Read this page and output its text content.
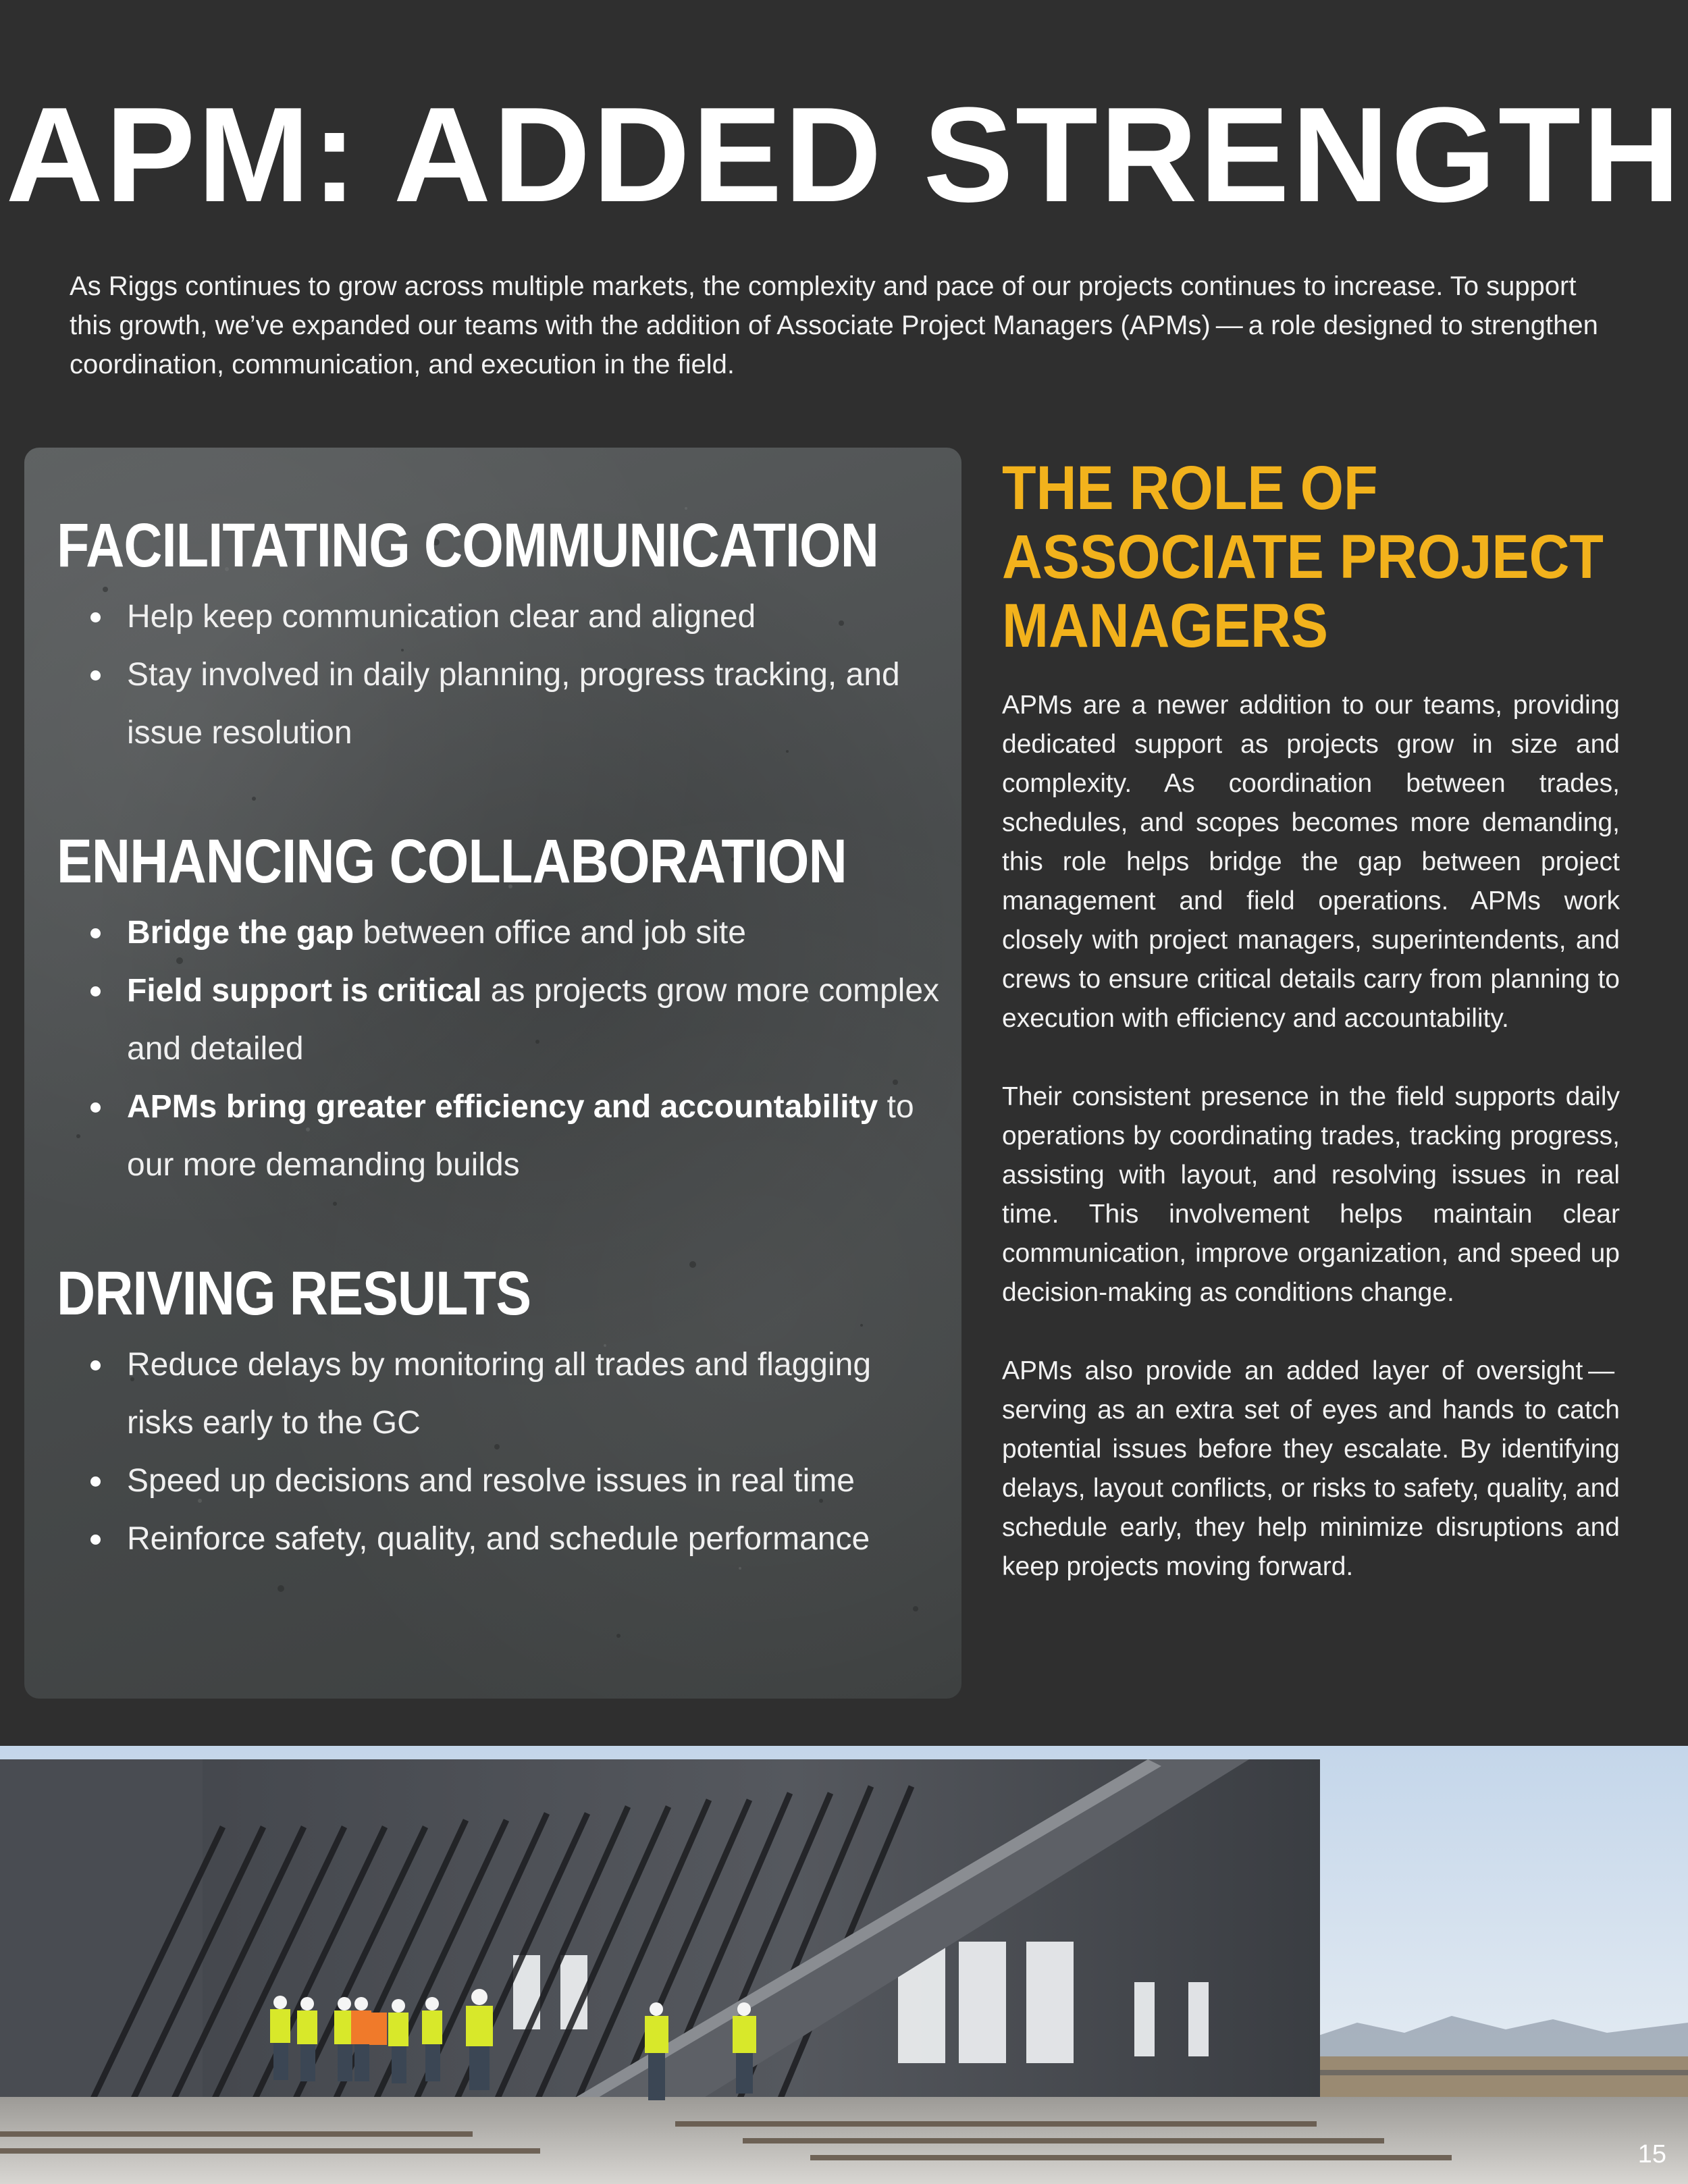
APM: ADDED STRENGTH

As Riggs continues to grow across multiple markets, the complexity and pace of our projects continues to increase. To support this growth, we’ve expanded our teams with the addition of Associate Project Managers (APMs) — a role designed to strengthen coordination, communication, and execution in the field.

FACILITATING COMMUNICATION
Help keep communication clear and aligned
Stay involved in daily planning, progress tracking, and issue resolution
ENHANCING COLLABORATION
Bridge the gap between office and job site
Field support is critical as projects grow more complex and detailed
APMs bring greater efficiency and accountability to our more demanding builds
DRIVING RESULTS
Reduce delays by monitoring all trades and flagging risks early to the GC
Speed up decisions and resolve issues in real time
Reinforce safety, quality, and schedule performance
THE ROLE OF
ASSOCIATE PROJECT
MANAGERS

APMs are a newer addition to our teams, providing dedicated support as projects grow in size and complexity. As coordination between trades, schedules, and scopes becomes more demanding, this role helps bridge the gap between project management and field operations. APMs work closely with project managers, superintendents, and crews to ensure critical details carry from planning to execution with efficiency and accountability.

Their consistent presence in the field supports daily operations by coordinating trades, tracking progress, assisting with layout, and resolving issues in real time. This involvement helps maintain clear communication, improve organization, and speed up decision-making as conditions change.

APMs also provide an added layer of oversight — serving as an extra set of eyes and hands to catch potential issues before they escalate. By identifying delays, layout conflicts, or risks to safety, quality, and schedule early, they help minimize disruptions and keep projects moving forward.

15
